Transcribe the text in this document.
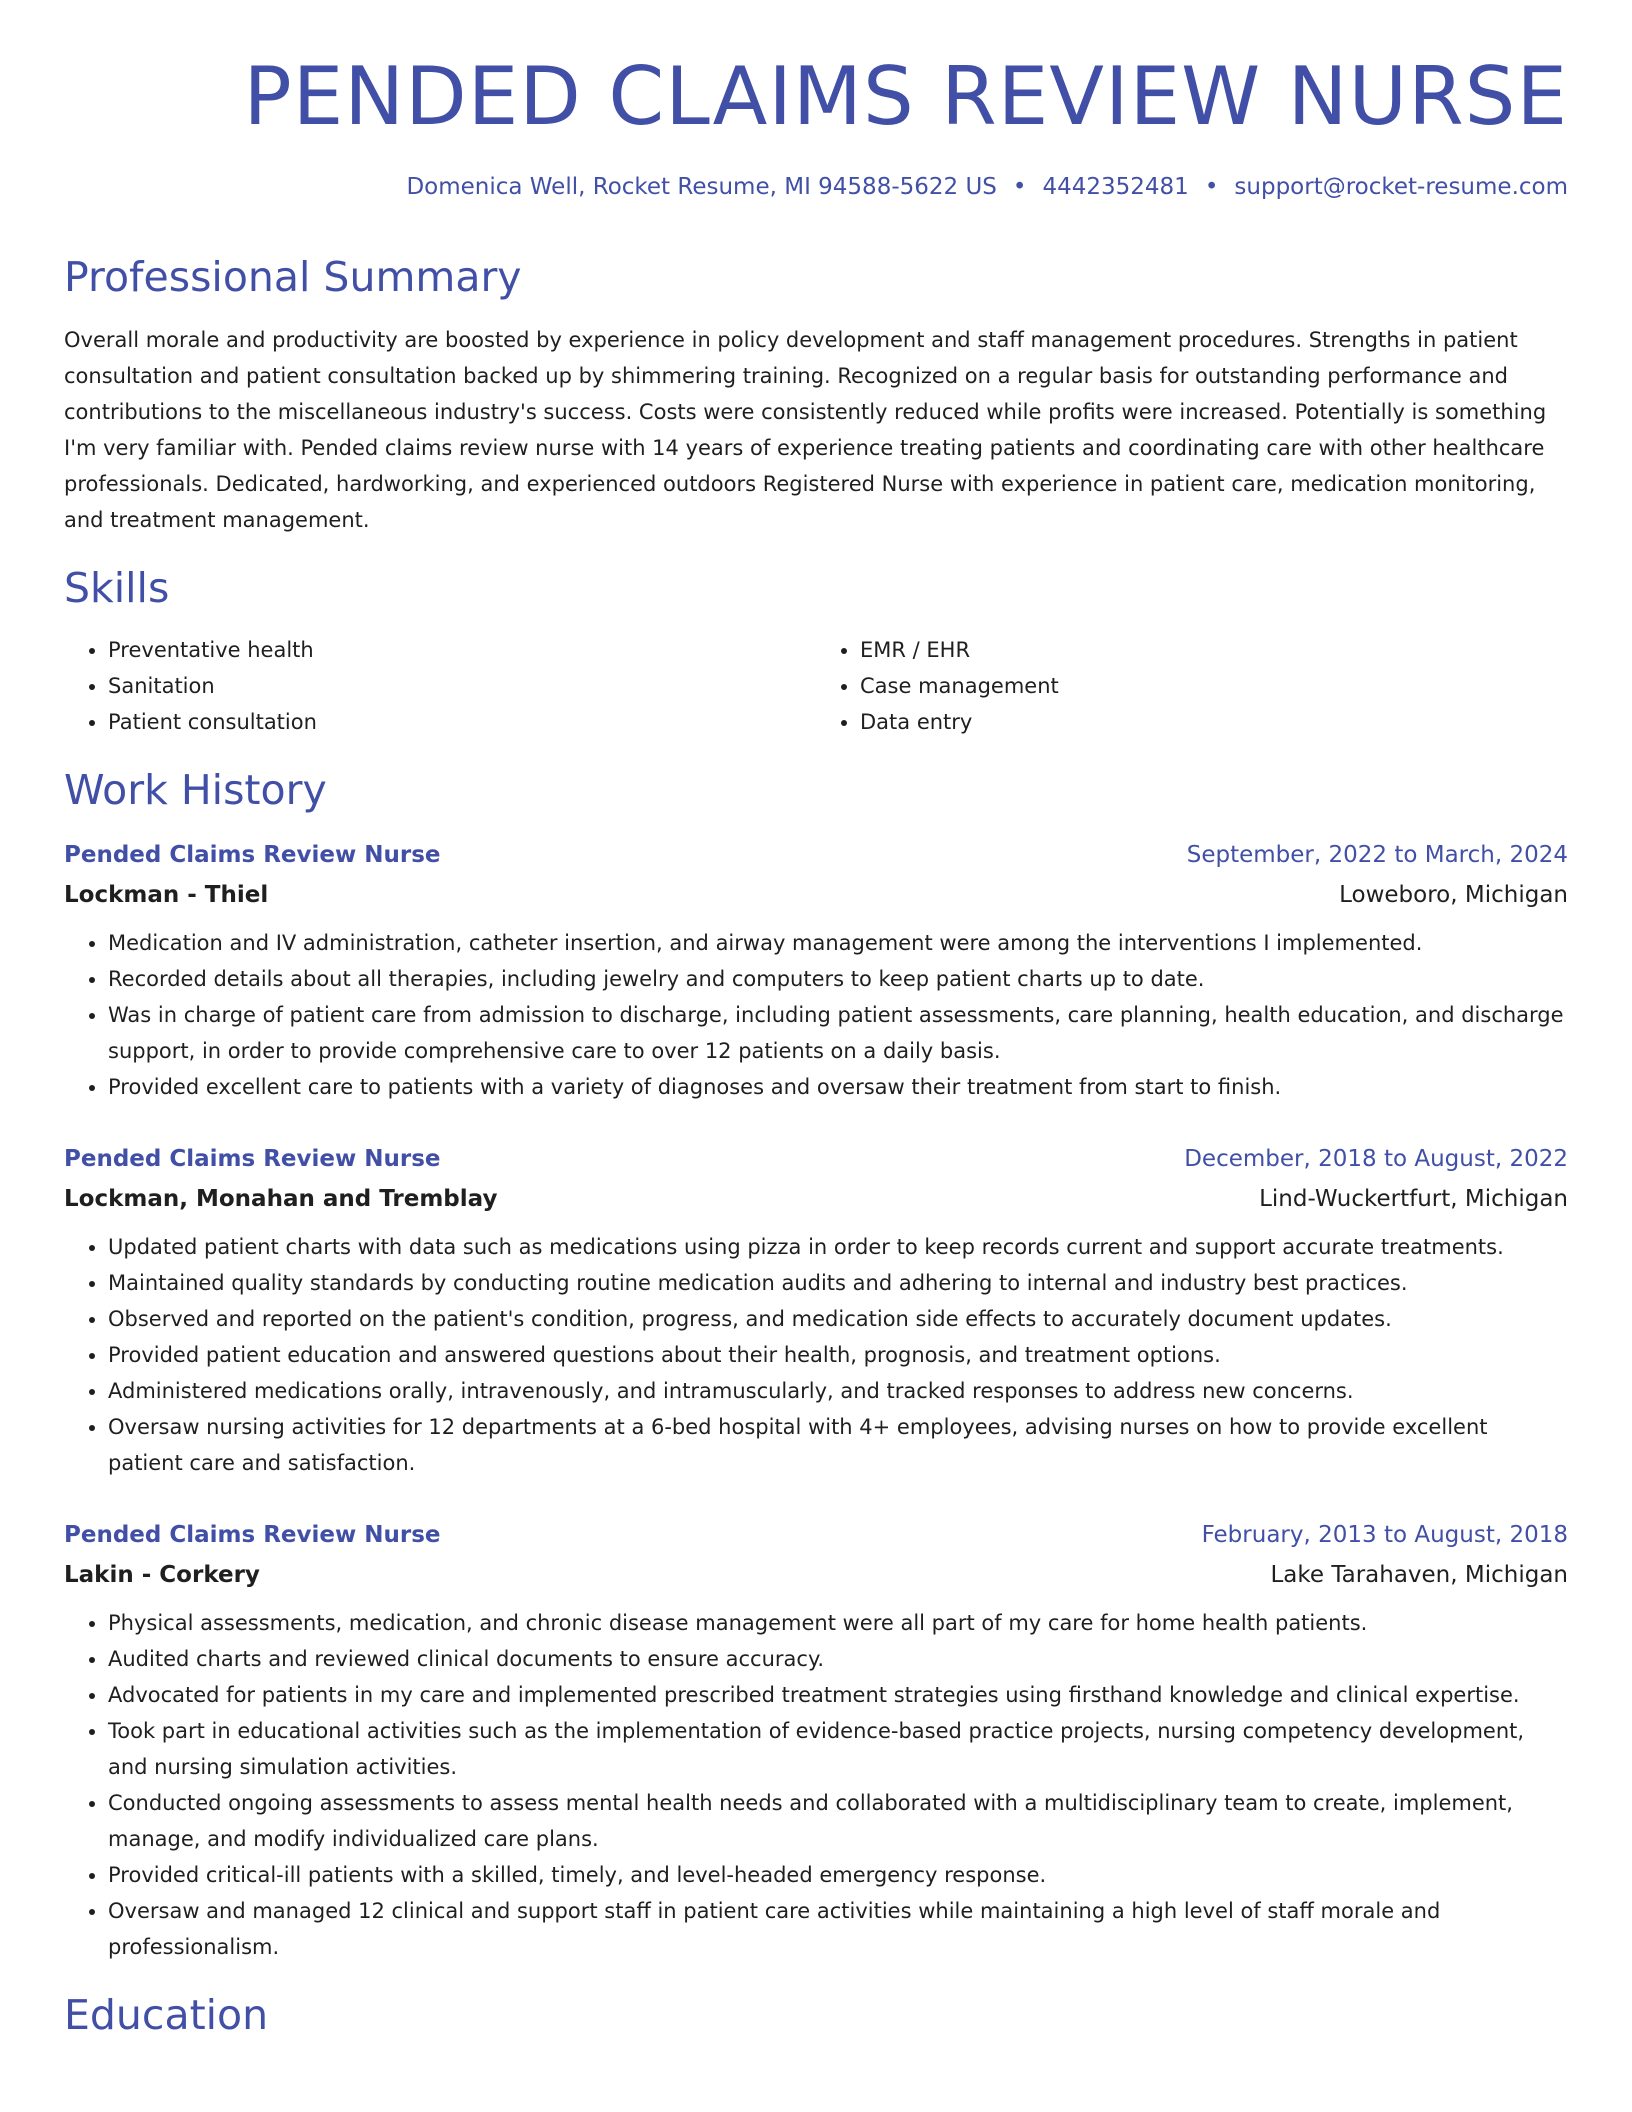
PENDED CLAIMS REVIEW NURSE
Domenica Well, Rocket Resume, MI 94588-5622 US • 4442352481 • support@rocket-resume.com
Professional Summary

Overall morale and productivity are boosted by experience in policy development and staff management procedures. Strengths in patient consultation and patient consultation backed up by shimmering training. Recognized on a regular basis for outstanding performance and contributions to the miscellaneous industry's success. Costs were consistently reduced while profits were increased. Potentially is something I'm very familiar with. Pended claims review nurse with 14 years of experience treating patients and coordinating care with other healthcare professionals. Dedicated, hardworking, and experienced outdoors Registered Nurse with experience in patient care, medication monitoring, and treatment management.

Skills
• Preventative health
• Sanitation
• Patient consultation
• EMR / EHR
• Case management
• Data entry
Work History
Pended Claims Review Nurse	September, 2022 to March, 2024
Lockman - Thiel	Loweboro, Michigan
• Medication and IV administration, catheter insertion, and airway management were among the interventions I implemented.
• Recorded details about all therapies, including jewelry and computers to keep patient charts up to date.
• Was in charge of patient care from admission to discharge, including patient assessments, care planning, health education, and discharge support, in order to provide comprehensive care to over 12 patients on a daily basis.
• Provided excellent care to patients with a variety of diagnoses and oversaw their treatment from start to finish.
Pended Claims Review Nurse	December, 2018 to August, 2022
Lockman, Monahan and Tremblay	Lind-Wuckertfurt, Michigan
• Updated patient charts with data such as medications using pizza in order to keep records current and support accurate treatments.
• Maintained quality standards by conducting routine medication audits and adhering to internal and industry best practices.
• Observed and reported on the patient's condition, progress, and medication side effects to accurately document updates.
• Provided patient education and answered questions about their health, prognosis, and treatment options.
• Administered medications orally, intravenously, and intramuscularly, and tracked responses to address new concerns.
• Oversaw nursing activities for 12 departments at a 6-bed hospital with 4+ employees, advising nurses on how to provide excellent patient care and satisfaction.
Pended Claims Review Nurse	February, 2013 to August, 2018
Lakin - Corkery	Lake Tarahaven, Michigan
• Physical assessments, medication, and chronic disease management were all part of my care for home health patients.
• Audited charts and reviewed clinical documents to ensure accuracy.
• Advocated for patients in my care and implemented prescribed treatment strategies using firsthand knowledge and clinical expertise.
• Took part in educational activities such as the implementation of evidence-based practice projects, nursing competency development, and nursing simulation activities.
• Conducted ongoing assessments to assess mental health needs and collaborated with a multidisciplinary team to create, implement, manage, and modify individualized care plans.
• Provided critical-ill patients with a skilled, timely, and level-headed emergency response.
• Oversaw and managed 12 clinical and support staff in patient care activities while maintaining a high level of staff morale and professionalism.
Education
